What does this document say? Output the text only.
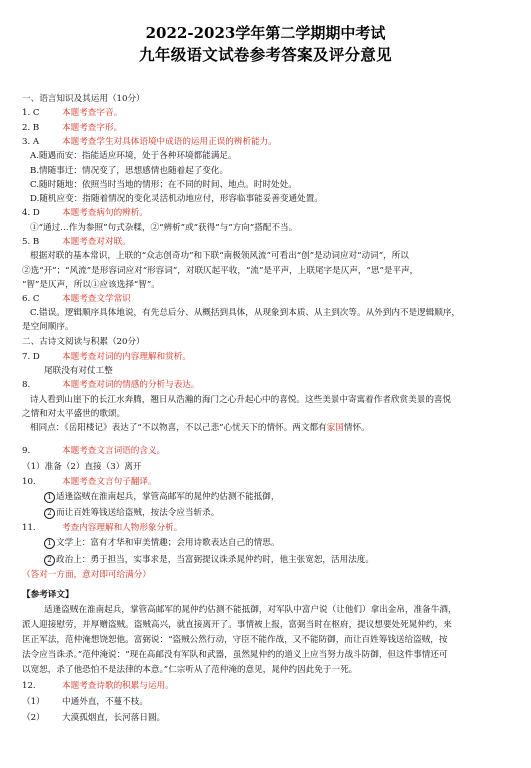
2022-2023学年第二学期期中考试
九年级语文试卷参考答案及评分意见
一、语言知识及其运用（10分）
1. C	本题考查字音。
2. B	本题考查字形。
3. A	本题考查学生对具体语境中成语的运用正误的辨析能力。
A.随遇而安：指能适应环境，处于各种环境都能满足。
B.情随事迁：情况变了，思想感情也随着起了变化。
C.随时随地：依照当时当地的情形；在不同的时间、地点。时时处处。
D.随机应变：指随着情况的变化灵活机动地应付，形容临事能妥善变通处置。
4. D	本题考查病句的辨析。
①“通过…作为参照”句式杂糅，②“辨析”或“获得”与“方向”搭配不当。
5. B	本题考查对对联。
根据对联的基本常识，上联的“众志创奇功”和下联“南极领风流”可看出“创”是动词应对“动词”，所以
②选“开”；“风流”是形容词应对“形容词”，对联仄起平收，“流”是平声，上联尾字是仄声，“思”是平声，
“智”是仄声，所以①应该选择“智”。
6. C	本题考查文学常识
C.错误。逻辑顺序具体地说，有先总后分、从概括到具体，从现象到本质、从主到次等。从外到内不是逻辑顺序，
是空间顺序。
二、古诗文阅读与积累（20分）
7. D	本题考查对词的内容理解和赏析。
尾联没有对仗工整
8.	本题考查对词的情感的分析与表达。
诗人看到山崖下的长江水奔腾，翘日从浩瀚的海门之心升起心中的喜悦。这些美景中寄寓着作者欣赏美景的喜悦
之情和对太平盛世的歌颂。
相同点：《岳阳楼记》表达了“不以物喜，不以己悲”心忧天下的情怀。两文都有家国情怀。
9.	本题考查文言词语的含义。
（1）准备（2）直接（3）离开
10.	本题考查文言句子翻译。
1 适逢盗贼在淮南起兵，掌管高邮军的晁仲约估测不能抵御，
2 而让百姓筹钱送给盗贼，按法令应当斩杀。
11.	考查内容理解和人物形象分析。
1 文学上：富有才华和审美情趣；会用诗歌表达自己的情思。
2 政治上：勇于担当，实事求是，当富弼提议诛杀晁仲约时，他主张宽恕，活用法度。
（答对一方面，意对即可给满分）
【参考译文】
适逢盗贼在淮南起兵，掌管高邮军的晁仲约估测不能抵御，对军队中富户说（让他们）拿出金帛，准备牛酒，
派人迎接慰劳，并厚赠盗贼。盗贼高兴，就直接离开了。事情被上报，富弼当时在枢府，提议想要处死晁仲约，来
匡正军法，范仲淹想饶恕他。富弼说：“盗贼公然行动，守臣不能作战，又不能防御，而让百姓筹钱送给盗贼，按
法令应当诛杀。”范仲淹说：“现在高邮没有军队和武器，虽然晁仲约的道义上应当努力战斗防御，但这件事情还可
以宽恕，杀了他恐怕不是法律的本意。”仁宗听从了范仲淹的意见，晁仲约因此免于一死。
12.	本题考查诗歌的积累与运用。
（1） 中通外直，不蔓不枝。
（2） 大漠孤烟直，长河落日圆。
